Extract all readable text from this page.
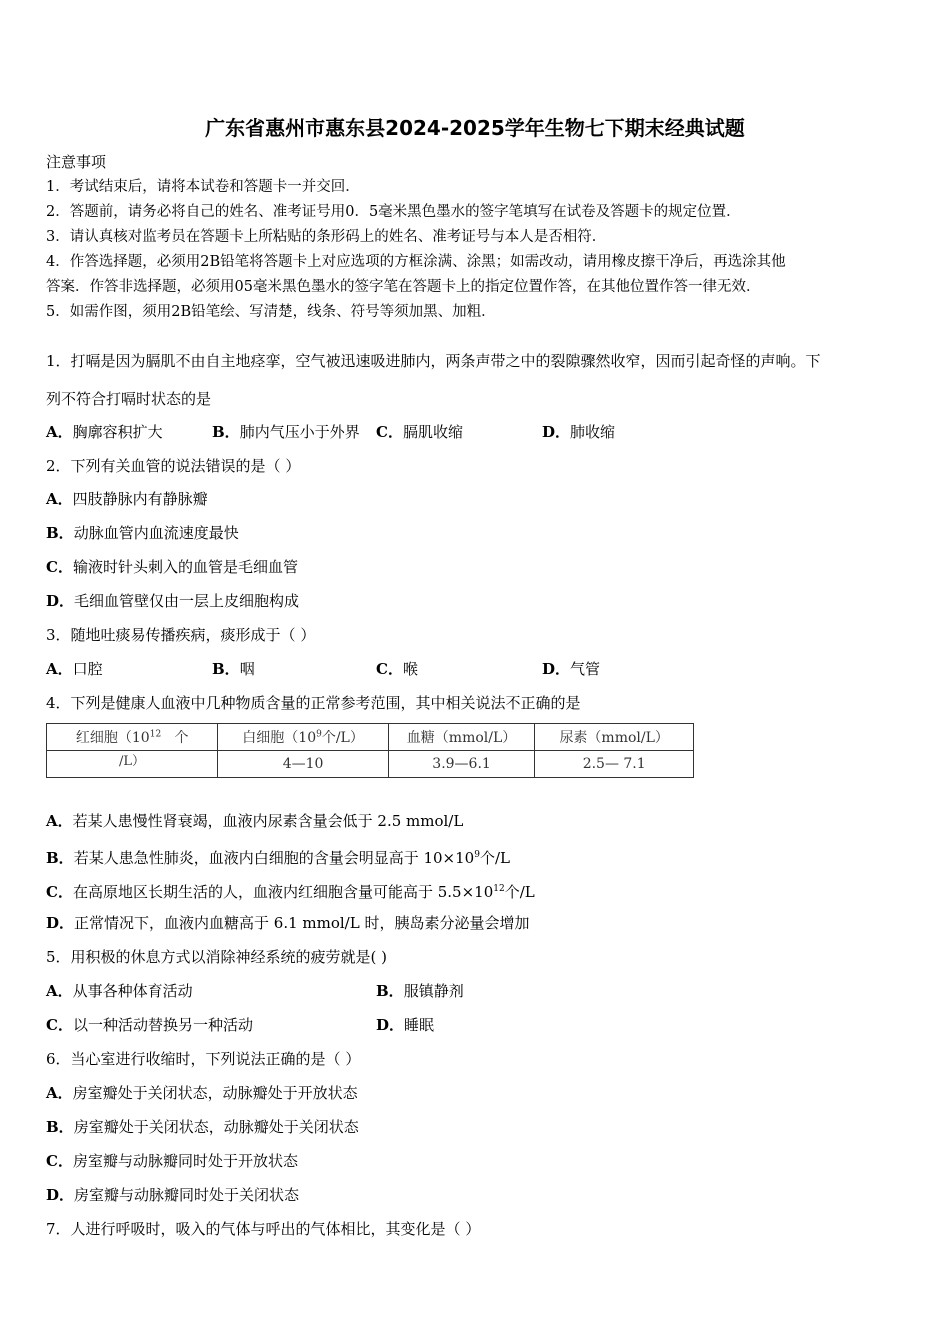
广东省惠州市惠东县2024-2025学年生物七下期末经典试题
注意事项
1．考试结束后，请将本试卷和答题卡一并交回．
2．答题前，请务必将自己的姓名、准考证号用0．5毫米黑色墨水的签字笔填写在试卷及答题卡的规定位置．
3．请认真核对监考员在答题卡上所粘贴的条形码上的姓名、准考证号与本人是否相符．
4．作答选择题，必须用2B铅笔将答题卡上对应选项的方框涂满、涂黑；如需改动，请用橡皮擦干净后，再选涂其他
答案．作答非选择题，必须用05毫米黑色墨水的签字笔在答题卡上的指定位置作答，在其他位置作答一律无效．
5．如需作图，须用2B铅笔绘、写清楚，线条、符号等须加黑、加粗．
1．打嗝是因为膈肌不由自主地痉挛，空气被迅速吸进肺内，两条声带之中的裂隙骤然收窄，因而引起奇怪的声响。下
列不符合打嗝时状态的是
A．胸廓容积扩大	B．肺内气压小于外界 C．膈肌收缩	D．肺收缩
2．下列有关血管的说法错误的是（ ）
A．四肢静脉内有静脉瓣
B．动脉血管内血流速度最快
C．输液时针头刺入的血管是毛细血管
D．毛细血管壁仅由一层上皮细胞构成
3．随地吐痰易传播疾病，痰形成于（ ）
A．口腔	B．咽	C．喉	D．气管
4．下列是健康人血液中几种物质含量的正常参考范围，其中相关说法不正确的是
红细胞（$10^{12}$ 个
/L）	白细胞（$10^9$个/L）	血糖（mmol/L）	尿素（mmol/L）
	4—10	3.9—6.1	2.5— 7.1
A．若某人患慢性肾衰竭，血液内尿素含量会低于 2.5 mmol/L
B．若某人患急性肺炎，血液内白细胞的含量会明显高于 $10\times 10^9$个/L
C．在高原地区长期生活的人，血液内红细胞含量可能高于 $5.5\times 10^{12}$个/L
D．正常情况下，血液内血糖高于 6.1 mmol/L 时，胰岛素分泌量会增加
5．用积极的休息方式以消除神经系统的疲劳就是( )
A．从事各种体育活动	B．服镇静剂
C．以一种活动替换另一种活动	D．睡眠
6．当心室进行收缩时，下列说法正确的是（ ）
A．房室瓣处于关闭状态，动脉瓣处于开放状态
B．房室瓣处于关闭状态，动脉瓣处于关闭状态
C．房室瓣与动脉瓣同时处于开放状态
D．房室瓣与动脉瓣同时处于关闭状态
7．人进行呼吸时，吸入的气体与呼出的气体相比，其变化是（ ）
